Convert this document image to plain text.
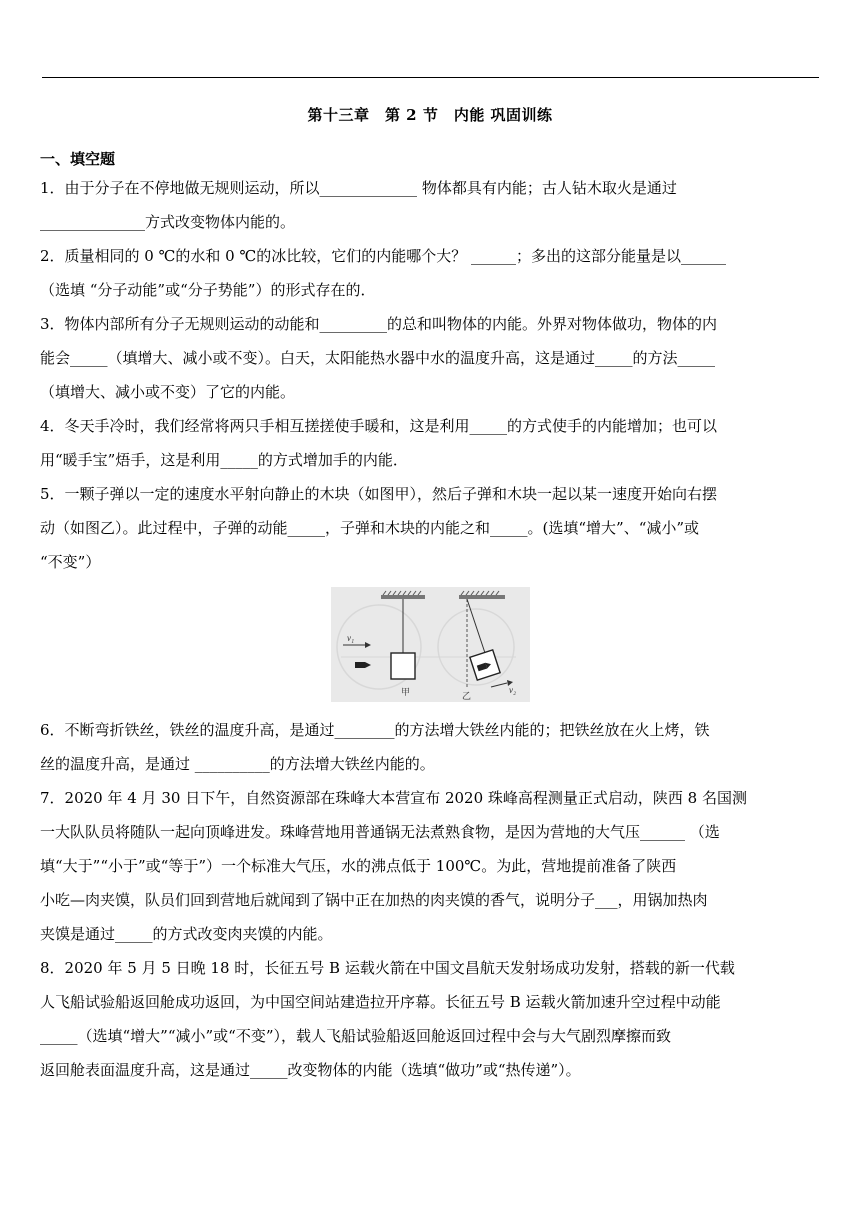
第十三章　第 2 节　内能 巩固训练
一、填空题
1．由于分子在不停地做无规则运动，所以_____________ 物体都具有内能；古人钻木取火是通过
______________方式改变物体内能的。
2．质量相同的 0 ℃的水和 0 ℃的冰比较，它们的内能哪个大？ ______；多出的这部分能量是以______
（选填 “分子动能”或“分子势能”）的形式存在的．
3．物体内部所有分子无规则运动的动能和_________的总和叫物体的内能。外界对物体做功，物体的内
能会_____（填增大、减小或不变）。白天，太阳能热水器中水的温度升高，这是通过_____的方法_____
（填增大、减小或不变）了它的内能。
4．冬天手冷时，我们经常将两只手相互搓搓使手暖和，这是利用_____的方式使手的内能增加；也可以
用“暖手宝”焐手，这是利用_____的方式增加手的内能．
5．一颗子弹以一定的速度水平射向静止的木块（如图甲），然后子弹和木块一起以某一速度开始向右摆
动（如图乙）。此过程中，子弹的动能_____，子弹和木块的内能之和_____。(选填“增大”、“减小”或
“不变”）
v₁
甲	v₂
乙
6．不断弯折铁丝，铁丝的温度升高，是通过________的方法增大铁丝内能的；把铁丝放在火上烤，铁
丝的温度升高，是通过 __________的方法增大铁丝内能的。
7．2020 年 4 月 30 日下午，自然资源部在珠峰大本营宣布 2020 珠峰高程测量正式启动，陕西 8 名国测
一大队队员将随队一起向顶峰进发。珠峰营地用普通锅无法煮熟食物，是因为营地的大气压______ （选
填“大于”“小于”或“等于”）一个标准大气压，水的沸点低于 100℃。为此，营地提前准备了陕西
小吃—肉夹馍，队员们回到营地后就闻到了锅中正在加热的肉夹馍的香气，说明分子___，用锅加热肉
夹馍是通过_____的方式改变肉夹馍的内能。
8．2020 年 5 月 5 日晚 18 时，长征五号 B 运载火箭在中国文昌航天发射场成功发射，搭载的新一代载
人飞船试验船返回舱成功返回，为中国空间站建造拉开序幕。长征五号 B 运载火箭加速升空过程中动能
_____（选填“增大”“减小”或“不变”），载人飞船试验船返回舱返回过程中会与大气剧烈摩擦而致
返回舱表面温度升高，这是通过_____改变物体的内能（选填“做功”或“热传递”）。
